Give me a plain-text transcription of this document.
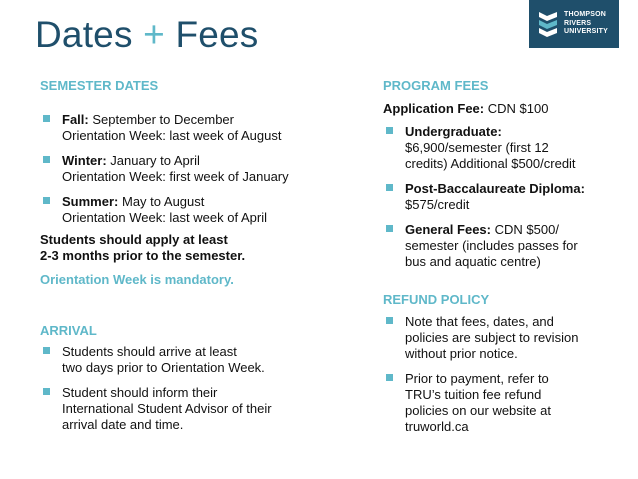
Dates + Fees	THOMPSON
RIVERS
UNIVERSITY
SEMESTER DATES
Fall: September to December
Orientation Week: last week of August
Winter: January to April
Orientation Week: first week of January
Summer: May to August
Orientation Week: last week of April
Students should apply at least
2-3 months prior to the semester.
Orientation Week is mandatory.
ARRIVAL
Students should arrive at least
two days prior to Orientation Week.
Student should inform their
International Student Advisor of their
arrival date and time.
PROGRAM FEES
Application Fee: CDN $100
Undergraduate:
$6,900/semester (first 12
credits) Additional $500/credit
Post-Baccalaureate Diploma:
$575/credit
General Fees: CDN $500/
semester (includes passes for
bus and aquatic centre)
REFUND POLICY
Note that fees, dates, and
policies are subject to revision
without prior notice.
Prior to payment, refer to
TRU’s tuition fee refund
policies on our website at
truworld.ca
